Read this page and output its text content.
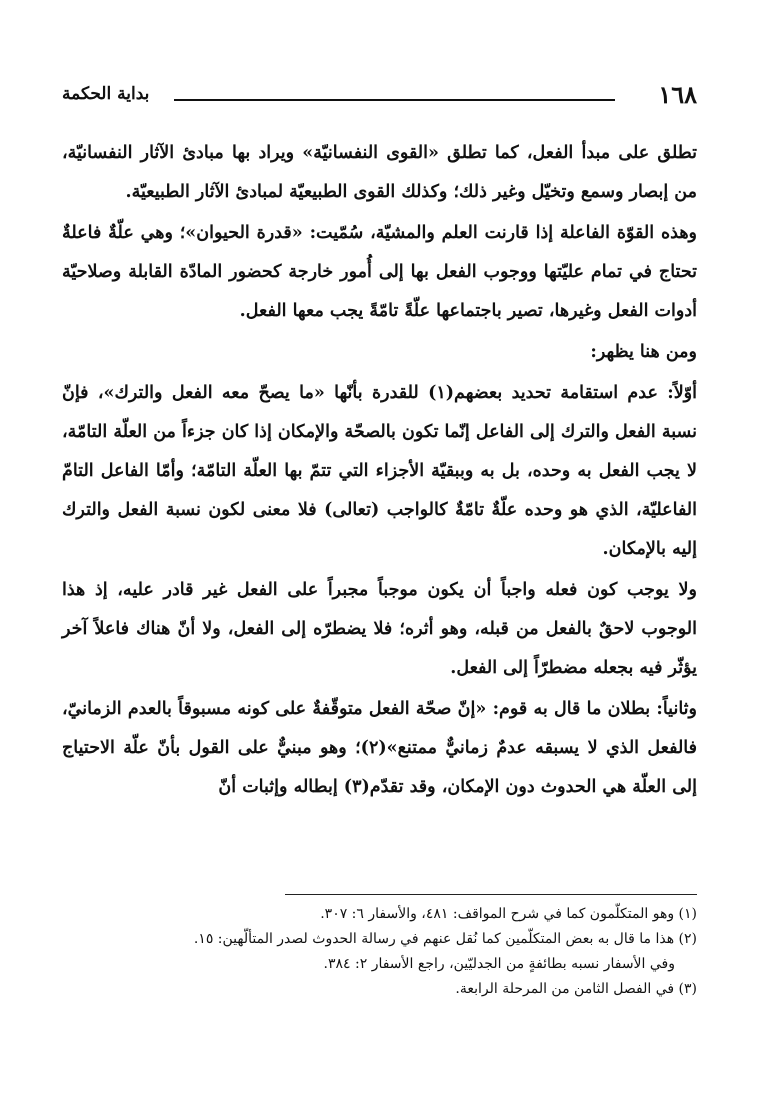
١٦٨
بداية الحكمة

تطلق على مبدأ الفعل، كما تطلق «القوى النفسانيّة» ويراد بها مبادئ الآثار النفسانيّة، من إبصار وسمع وتخيّل وغير ذلك؛ وكذلك القوى الطبيعيّة لمبادئ الآثار الطبيعيّة.

وهذه القوّة الفاعلة إذا قارنت العلم والمشيّة، سُمّيت: «قدرة الحيوان»؛ وهي علّةٌ فاعلةٌ تحتاج في تمام عليّتها ووجوب الفعل بها إلى أُمور خارجة كحضور المادّة القابلة وصلاحيّة أدوات الفعل وغيرها، تصير باجتماعها علّةً تامّةً يجب معها الفعل.

ومن هنا يظهر:

أوّلاً: عدم استقامة تحديد بعضهم(١) للقدرة بأنّها «ما يصحّ معه الفعل والترك»، فإنّ نسبة الفعل والترك إلى الفاعل إنّما تكون بالصحّة والإمكان إذا كان جزءاً من العلّة التامّة، لا يجب الفعل به وحده، بل به وببقيّة الأجزاء التي تتمّ بها العلّة التامّة؛ وأمّا الفاعل التامّ الفاعليّة، الذي هو وحده علّةٌ تامّةٌ كالواجب (تعالى) فلا معنى لكون نسبة الفعل والترك إليه بالإمكان.

ولا يوجب كون فعله واجباً أن يكون موجباً مجبراً على الفعل غير قادر عليه، إذ هذا الوجوب لاحقٌ بالفعل من قبله، وهو أثره؛ فلا يضطرّه إلى الفعل، ولا أنّ هناك فاعلاً آخر يؤثّر فيه بجعله مضطرّاً إلى الفعل.

وثانياً: بطلان ما قال به قوم: «إنّ صحّة الفعل متوقّفةٌ على كونه مسبوقاً بالعدم الزمانيّ، فالفعل الذي لا يسبقه عدمٌ زمانيٌّ ممتنع»(٢)؛ وهو مبنيٌّ على القول بأنّ علّة الاحتياج إلى العلّة هي الحدوث دون الإمكان، وقد تقدّم(٣) إبطاله وإثبات أنّ

(١) وهو المتكلّمون كما في شرح المواقف: ٤٨١، والأسفار ٦: ٣٠٧.

(٢) هذا ما قال به بعض المتكلّمين كما نُقل عنهم في رسالة الحدوث لصدر المتألّهين: ١٥.

وفي الأسفار نسبه بطائفةٍ من الجدليّين، راجع الأسفار ٢: ٣٨٤.

(٣) في الفصل الثامن من المرحلة الرابعة.
